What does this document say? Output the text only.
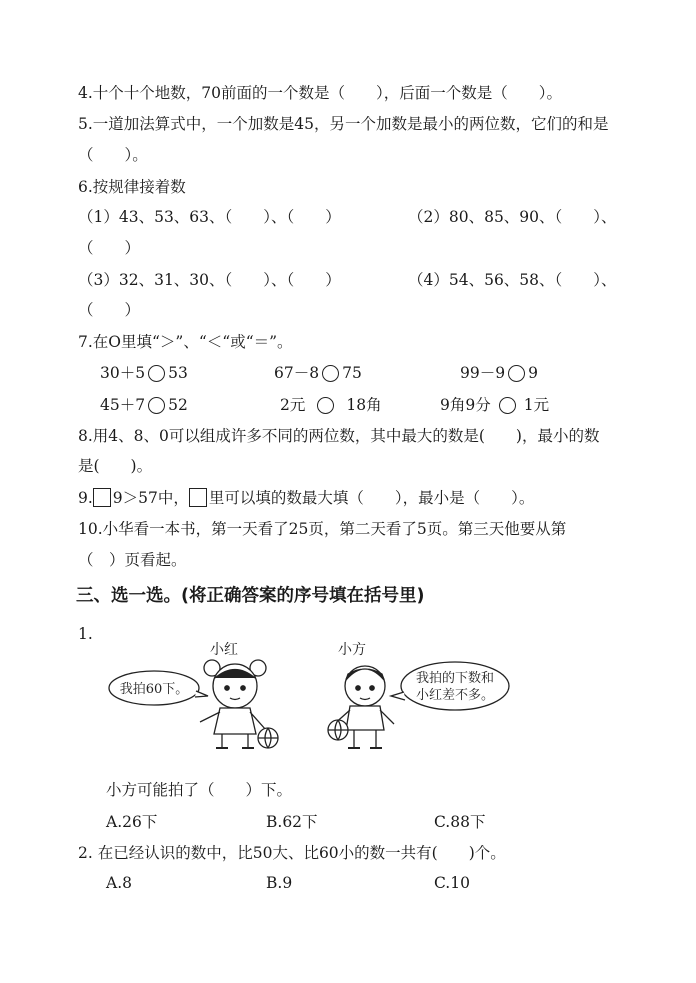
4.十个十个地数，70前面的一个数是（　　），后面一个数是（　　）。
5.一道加法算式中，一个加数是45，另一个加数是最小的两位数，它们的和是
（　　）。
6.按规律接着数
（1）43、53、63、（　　）、（　　）	（2）80、85、90、（　　）、
（　　）
（3）32、31、30、（　　）、（　　）	（4）54、56、58、（　　）、
（　　）
7.在O里填“＞”、“＜“或“＝”。
30＋5 53	67－8 75	99－9 9
45＋7 52	2元	18角	9角9分 1元
8.用4、8、0可以组成许多不同的两位数，其中最大的数是(　　)，最小的数
是(　　)。
9. 9＞57中， 里可以填的数最大填（　　），最小是（　　）。
10.小华看一本书，第一天看了25页，第二天看了5页。第三天他要从第
（　）页看起。
三、选一选。(将正确答案的序号填在括号里)
1.
小红	小方
我拍60下。
我拍的下数和
小红差不多。
小方可能拍了（　　）下。
A.26下	B.62下	C.88下
2. 在已经认识的数中，比50大、比60小的数一共有(　　)个。
A.8	B.9	C.10
